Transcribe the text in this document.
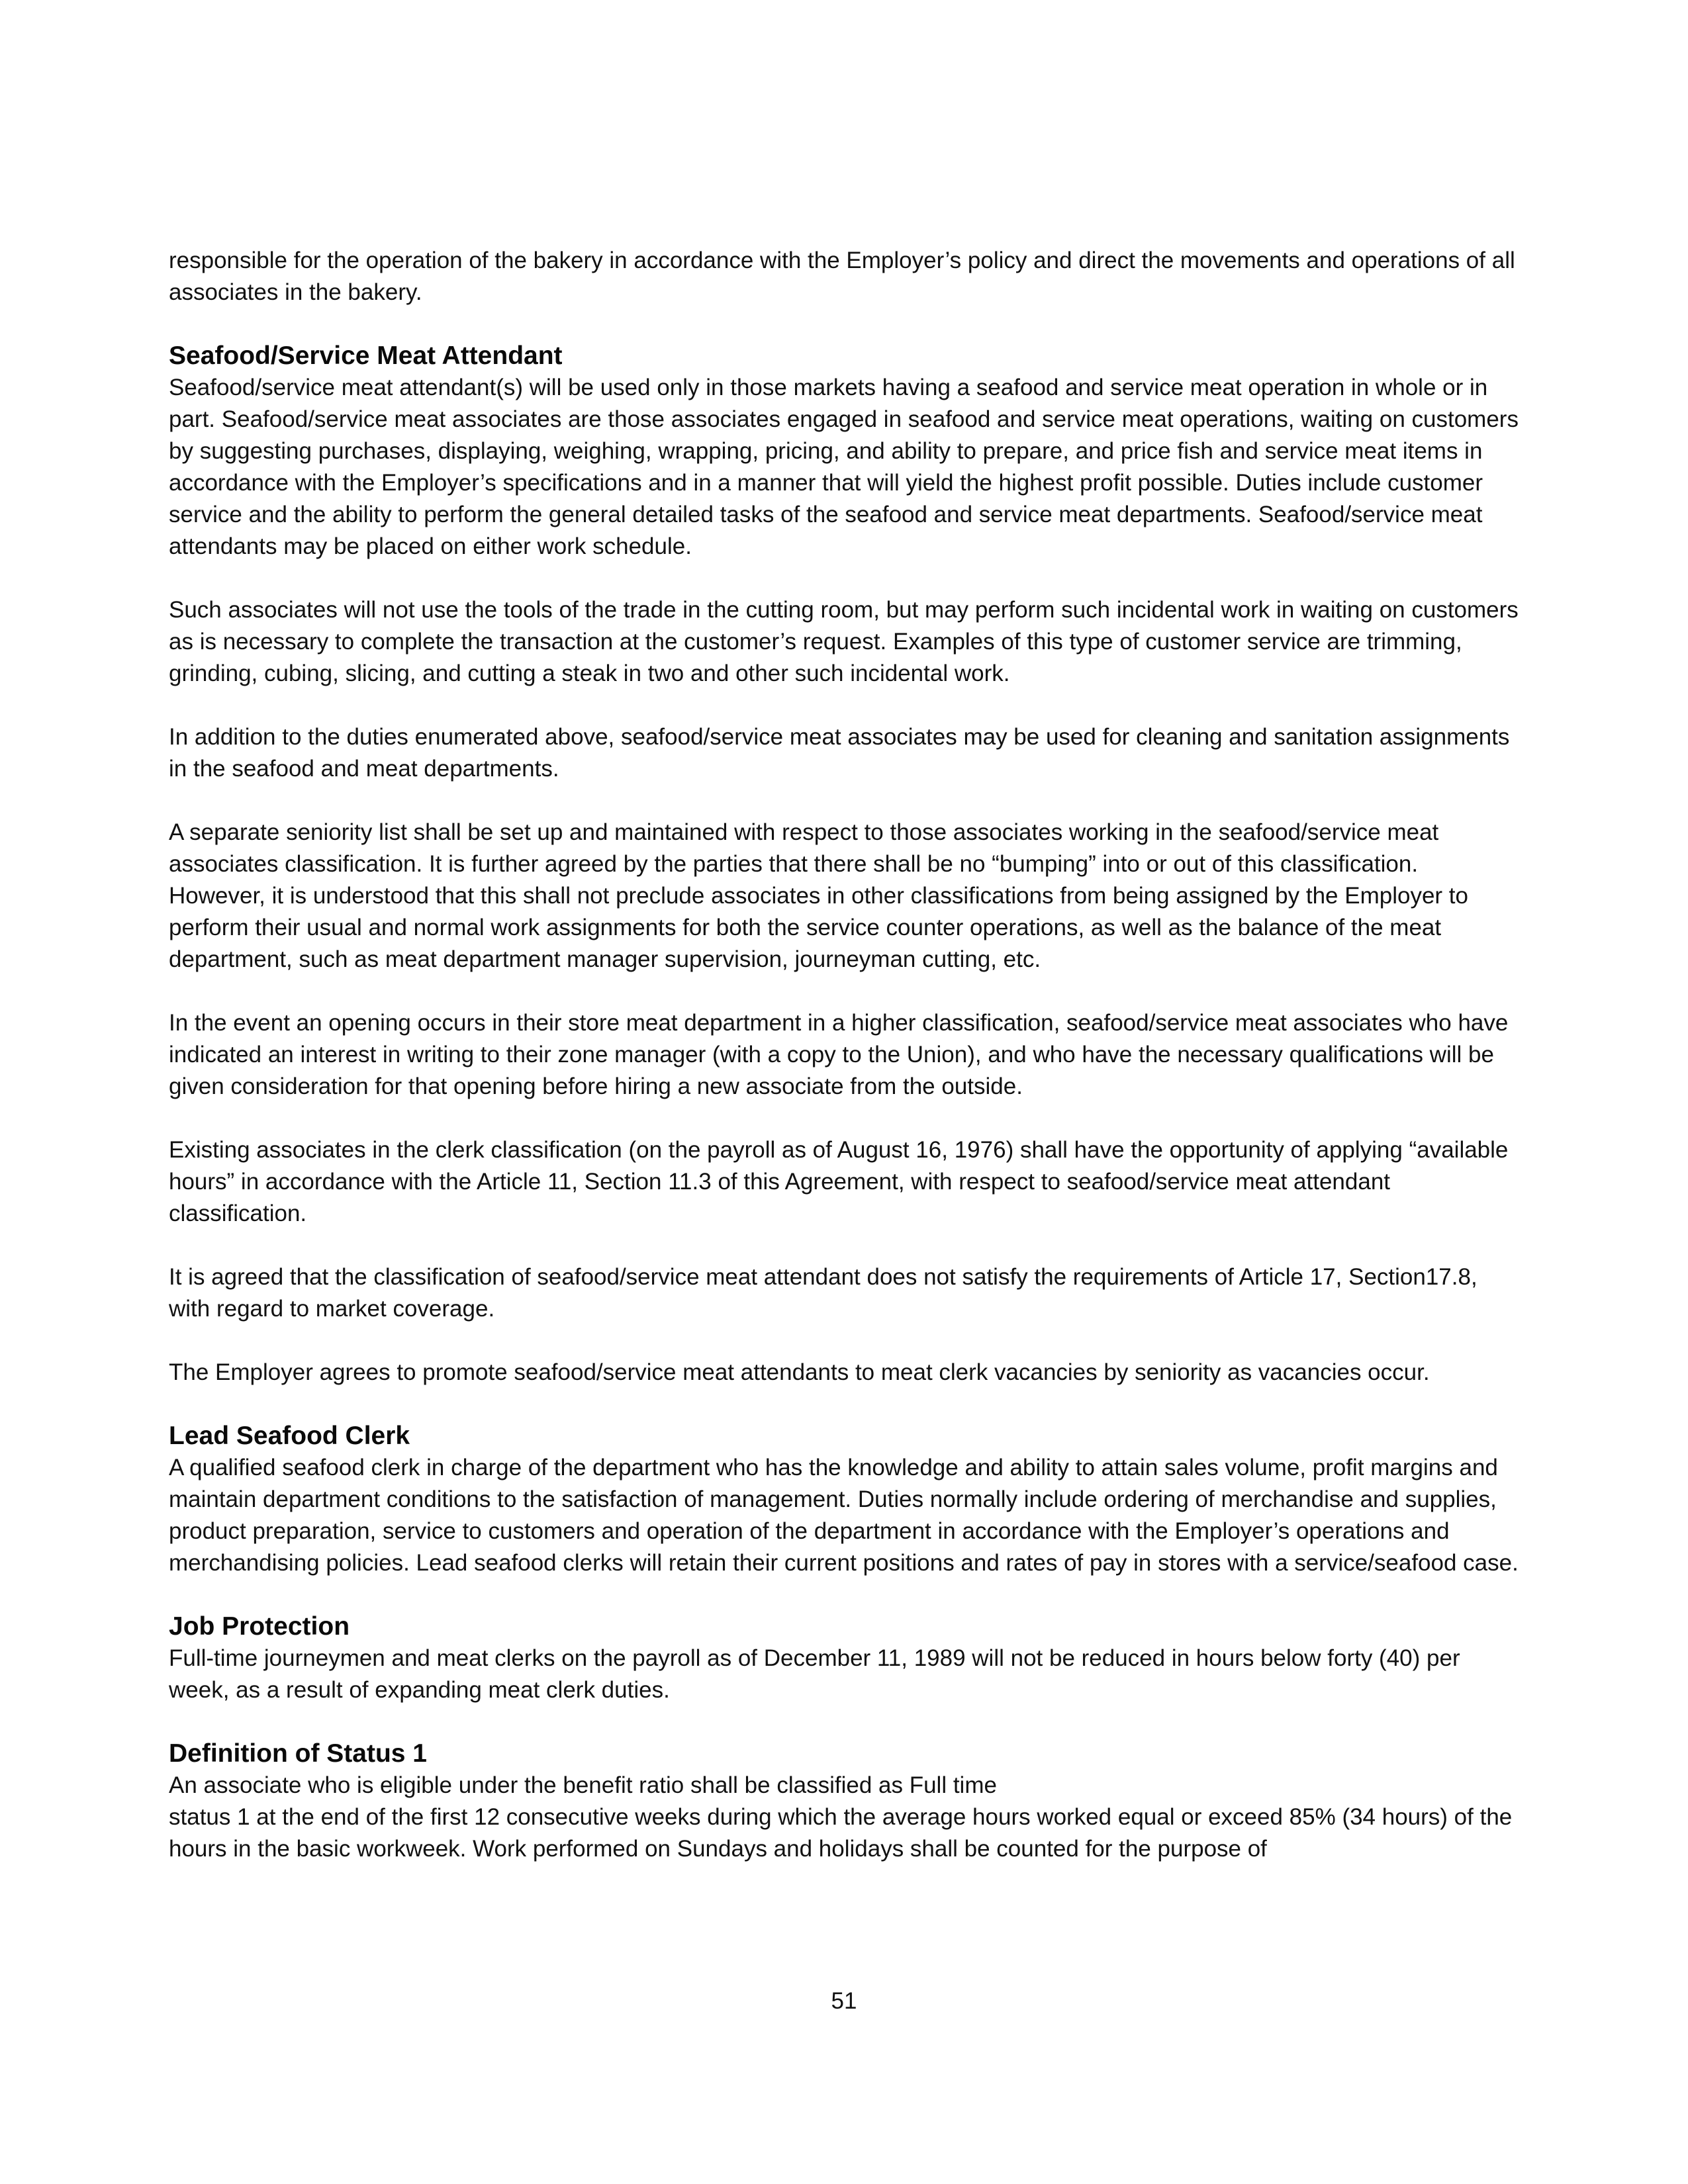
responsible for the operation of the bakery in accordance with the Employer’s policy and direct the movements and operations of all associates in the bakery.

Seafood/Service Meat Attendant

Seafood/service meat attendant(s) will be used only in those markets having a seafood and service meat operation in whole or in part. Seafood/service meat associates are those associates engaged in seafood and service meat operations, waiting on customers by suggesting purchases, displaying, weighing, wrapping, pricing, and ability to prepare, and price fish and service meat items in accordance with the Employer’s specifications and in a manner that will yield the highest profit possible. Duties include customer service and the ability to perform the general detailed tasks of the seafood and service meat departments. Seafood/service meat attendants may be placed on either work schedule.

Such associates will not use the tools of the trade in the cutting room, but may perform such incidental work in waiting on customers as is necessary to complete the transaction at the customer’s request. Examples of this type of customer service are trimming, grinding, cubing, slicing, and cutting a steak in two and other such incidental work.

In addition to the duties enumerated above, seafood/service meat associates may be used for cleaning and sanitation assignments in the seafood and meat departments.

A separate seniority list shall be set up and maintained with respect to those associates working in the seafood/service meat associates classification. It is further agreed by the parties that there shall be no “bumping” into or out of this classification. However, it is understood that this shall not preclude associates in other classifications from being assigned by the Employer to perform their usual and normal work assignments for both the service counter operations, as well as the balance of the meat department, such as meat department manager supervision, journeyman cutting, etc.

In the event an opening occurs in their store meat department in a higher classification, seafood/service meat associates who have indicated an interest in writing to their zone manager (with a copy to the Union), and who have the necessary qualifications will be given consideration for that opening before hiring a new associate from the outside.

Existing associates in the clerk classification (on the payroll as of August 16, 1976) shall have the opportunity of applying “available hours” in accordance with the Article 11, Section 11.3 of this Agreement, with respect to seafood/service meat attendant classification.

It is agreed that the classification of seafood/service meat attendant does not satisfy the requirements of Article 17, Section17.8, with regard to market coverage.

The Employer agrees to promote seafood/service meat attendants to meat clerk vacancies by seniority as vacancies occur.

Lead Seafood Clerk

A qualified seafood clerk in charge of the department who has the knowledge and ability to attain sales volume, profit margins and maintain department conditions to the satisfaction of management. Duties normally include ordering of merchandise and supplies, product preparation, service to customers and operation of the department in accordance with the Employer’s operations and merchandising policies. Lead seafood clerks will retain their current positions and rates of pay in stores with a service/seafood case.

Job Protection

Full-time journeymen and meat clerks on the payroll as of December 11, 1989 will not be reduced in hours below forty (40) per week, as a result of expanding meat clerk duties.

Definition of Status 1

An associate who is eligible under the benefit ratio shall be classified as Full time
status 1 at the end of the first 12 consecutive weeks during which the average hours worked equal or exceed 85% (34 hours) of the hours in the basic workweek. Work performed on Sundays and holidays shall be counted for the purpose of

51
